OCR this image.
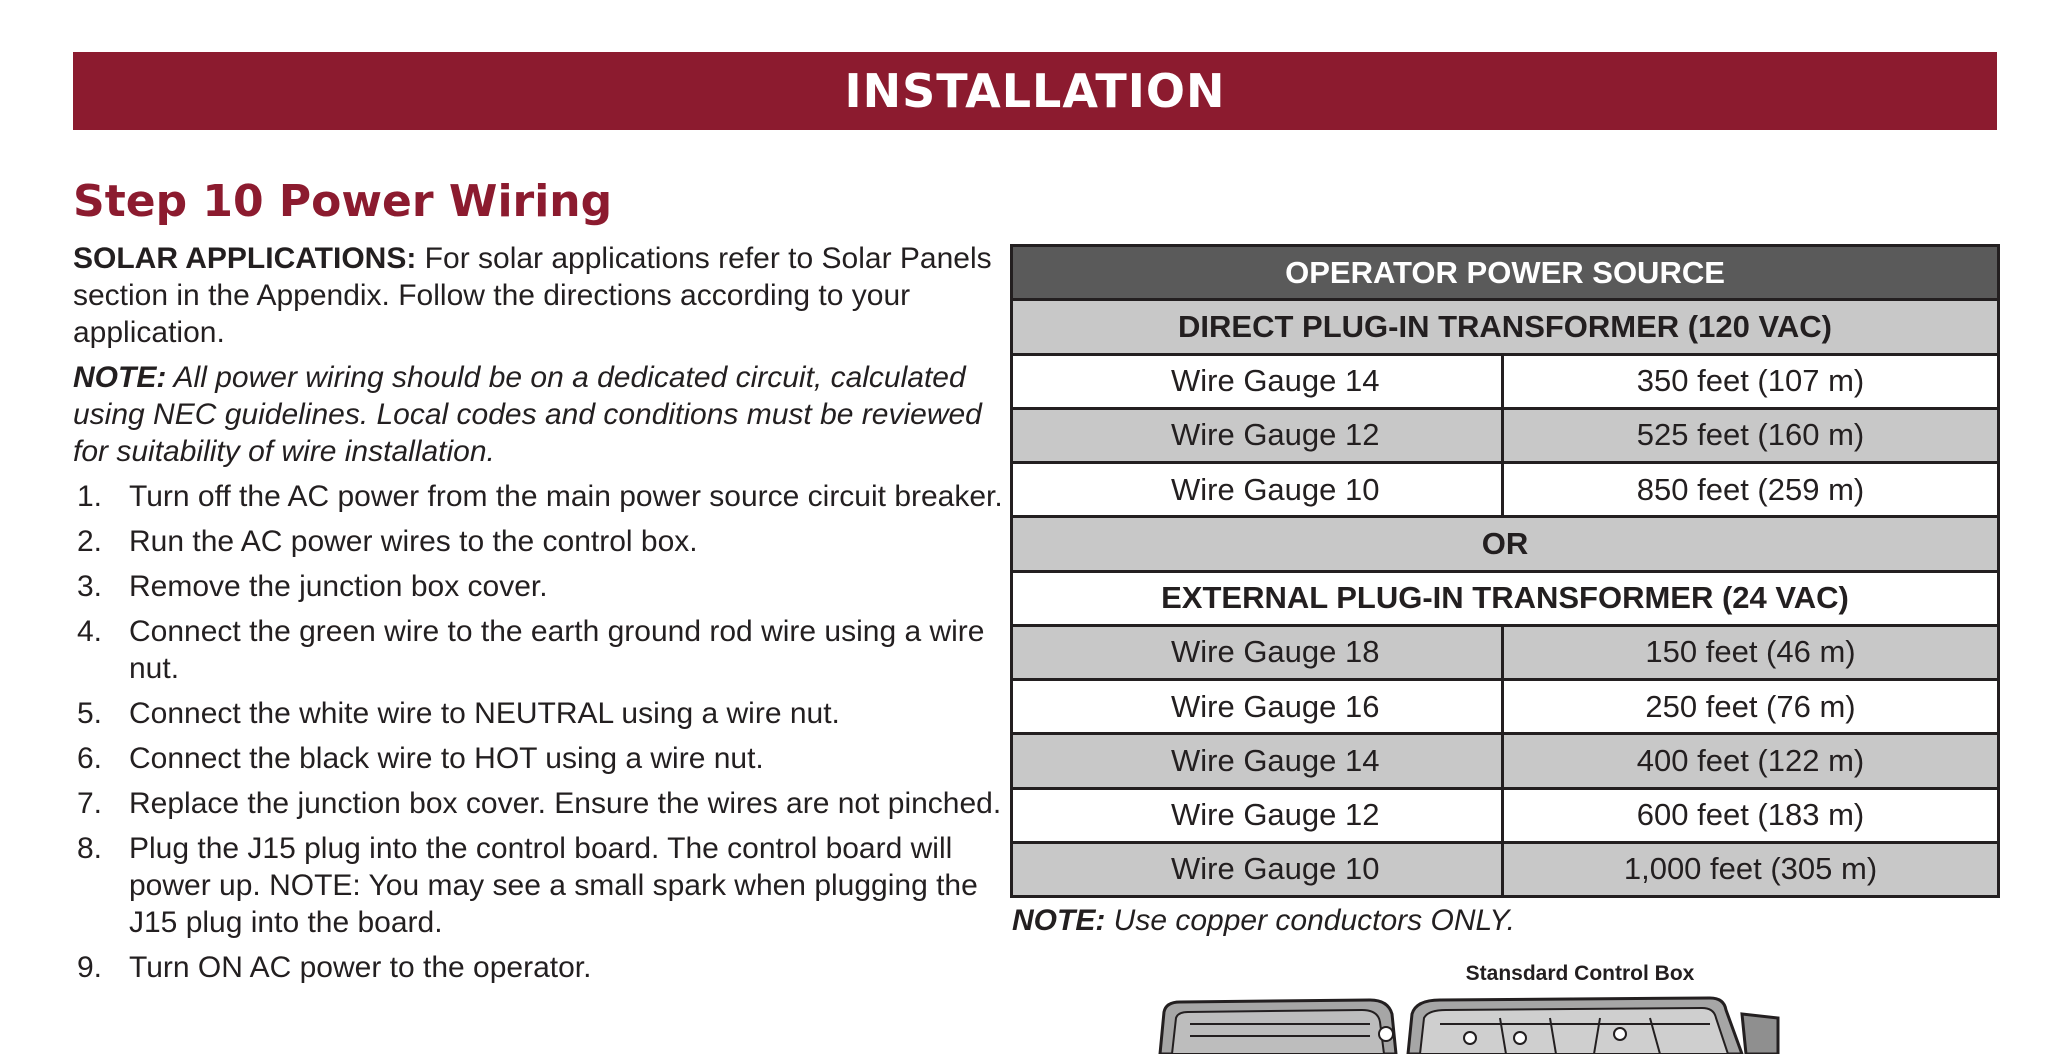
INSTALLATION
Step 10 Power Wiring

SOLAR APPLICATIONS: For solar applications refer to Solar Panels section in the Appendix. Follow the directions according to your application.

NOTE: All power wiring should be on a dedicated circuit, calculated using NEC guidelines. Local codes and conditions must be reviewed for suitability of wire installation.

1. Turn off the AC power from the main power source circuit breaker.
2. Run the AC power wires to the control box.
3. Remove the junction box cover.
4. Connect the green wire to the earth ground rod wire using a wire nut.
5. Connect the white wire to NEUTRAL using a wire nut.
6. Connect the black wire to HOT using a wire nut.
7. Replace the junction box cover. Ensure the wires are not pinched.
8. Plug the J15 plug into the control board. The control board will power up. NOTE: You may see a small spark when plugging the J15 plug into the board.
9. Turn ON AC power to the operator.
OPERATOR POWER SOURCE	
DIRECT PLUG-IN TRANSFORMER (120 VAC)	
Wire Gauge 14	350 feet (107 m)
Wire Gauge 12	525 feet (160 m)
Wire Gauge 10	850 feet (259 m)
OR	
EXTERNAL PLUG-IN TRANSFORMER (24 VAC)	
Wire Gauge 18	150 feet (46 m)
Wire Gauge 16	250 feet (76 m)
Wire Gauge 14	400 feet (122 m)
Wire Gauge 12	600 feet (183 m)
Wire Gauge 10	1,000 feet (305 m)
NOTE: Use copper conductors ONLY.
Stansdard Control Box
